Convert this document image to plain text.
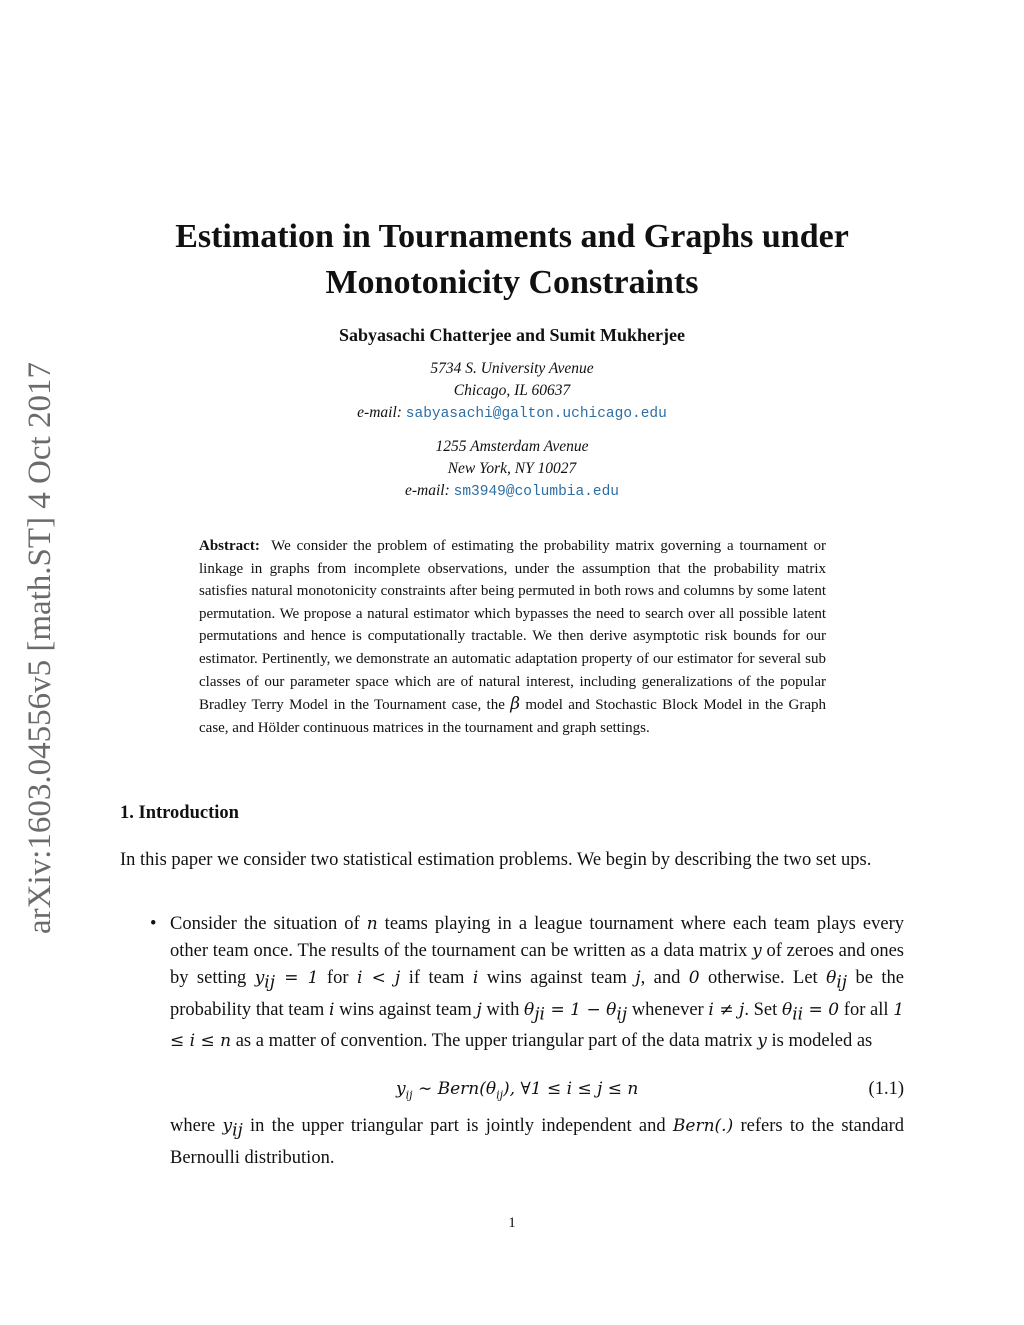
arXiv:1603.04556v5 [math.ST] 4 Oct 2017
Estimation in Tournaments and Graphs under
Monotonicity Constraints
Sabyasachi Chatterjee and Sumit Mukherjee
5734 S. University Avenue
Chicago, IL 60637
e-mail: sabyasachi@galton.uchicago.edu
1255 Amsterdam Avenue
New York, NY 10027
e-mail: sm3949@columbia.edu
Abstract: We consider the problem of estimating the probability matrix governing a tournament or linkage in graphs from incomplete observations, under the assumption that the probability matrix satisfies natural monotonicity constraints after being permuted in both rows and columns by some latent permutation. We propose a natural estimator which bypasses the need to search over all possible latent permutations and hence is computationally tractable. We then derive asymptotic risk bounds for our estimator. Pertinently, we demonstrate an automatic adaptation property of our estimator for several sub classes of our parameter space which are of natural interest, including generalizations of the popular Bradley Terry Model in the Tournament case, the β model and Stochastic Block Model in the Graph case, and Hölder continuous matrices in the tournament and graph settings.
1. Introduction
In this paper we consider two statistical estimation problems. We begin by describing the two set ups.
• Consider the situation of n teams playing in a league tournament where each team plays every other team once. The results of the tournament can be written as a data matrix y of zeroes and ones by setting $y_{ij} = 1$ for i < j if team i wins against team j, and 0 otherwise. Let $\theta_{ij}$ be the probability that team i wins against team j with $\theta_{ji} = 1 - \theta_{ij}$ whenever i ≠ j. Set $\theta_{ii} = 0$ for all 1 ≤ i ≤ n as a matter of convention. The upper triangular part of the data matrix y is modeled as
$y_{ij}$ ∼ $Bern(\theta_{ij})$, ∀1 ≤ i ≤ j ≤ n	(1.1)
where $y_{ij}$ in the upper triangular part is jointly independent and Bern(.) refers to the standard Bernoulli distribution.
1
